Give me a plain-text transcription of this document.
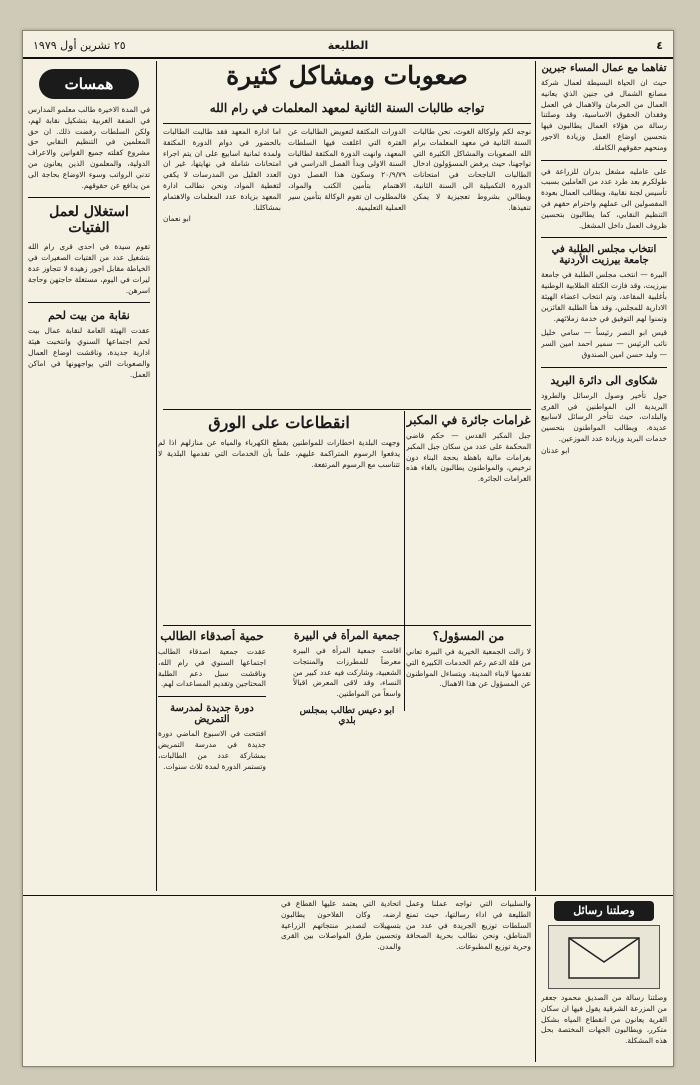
٤
الطليعة
٢٥ تشرين أول ١٩٧٩

تفاهما مع عمال المساء جبرين

حيث ان الحياة البسيطة لعمال شركة مصانع الشمال في جنين الذي يعانيه العمال من الحرمان والاهمال في العمل وفقدان الحقوق الاساسية، وقد وصلتنا رسالة من هؤلاء العمال يطالبون فيها بتحسين اوضاع العمل وزيادة الاجور ومنحهم حقوقهم الكاملة.

على عامليه مشغل بدران للزراعة في طولكرم بعد طرد عدد من العاملين بسبب تأسيس لجنة نقابية، ويطالب العمال بعودة المفصولين الى عملهم واحترام حقهم في التنظيم النقابي، كما يطالبون بتحسين ظروف العمل داخل المشغل.

انتخاب مجلس الطلبة في جامعة بيرزيت الأردنية

البيرة — انتخب مجلس الطلبة في جامعة بيرزيت، وقد فازت الكتلة الطلابية الوطنية بأغلبية المقاعد، وتم انتخاب اعضاء الهيئة الادارية للمجلس، وقد هنأ الطلبة الفائزين وتمنوا لهم التوفيق في خدمة زملائهم.

قيس ابو النصر رئيساً — سامي خليل نائب الرئيس — سمير احمد امين السر — وليد حسن امين الصندوق

شكاوى الى دائرة البريد

حول تأخير وصول الرسائل والطرود البريدية الى المواطنين في القرى والبلدات، حيث تتأخر الرسائل لاسابيع عديدة، ويطالب المواطنون بتحسين خدمات البريد وزيادة عدد الموزعين.

ابو عدنان

صعوبات ومشاكل كثيرة

تواجه طالبات السنة الثانية لمعهد المعلمات في رام الله

نوجه لكم ولوكالة الغوث، نحن طالبات السنة الثانية في معهد المعلمات برام الله الصعوبات والمشاكل الكثيرة التي تواجهنا، حيث يرفض المسؤولون ادخال الطالبات الناجحات في امتحانات الدورة التكميلية الى السنة الثانية، ويطالبن بشروط تعجيزية لا يمكن تنفيذها.

الدورات المكثفة لتعويض الطالبات عن الفترة التي اغلقت فيها السلطات المعهد، وانهت الدورة المكثفة لطالبات السنة الاولى وبدأ الفصل الدراسي في ٢٠/٩/٧٩ وسكون هذا الفصل دون الاهتمام بتأمين الكتب والمواد، فالمطلوب ان تقوم الوكالة بتأمين سير العملية التعليمية.

اما ادارة المعهد فقد طالبت الطالبات بالحضور في دوام الدورة المكثفة ولمدة ثمانية اسابيع على ان يتم اجراء امتحانات شاملة في نهايتها، غير ان العدد القليل من المدرسات لا يكفي لتغطية المواد، ونحن نطالب ادارة المعهد بزيادة عدد المعلمات والاهتمام بمشاكلنا.

ابو نعمان

همسات

في المدة الاخيرة طالب معلمو المدارس في الضفة الغربية بتشكيل نقابة لهم، ولكن السلطات رفضت ذلك. ان حق المعلمين في التنظيم النقابي حق مشروع كفلته جميع القوانين والاعراف الدولية، والمعلمون الذين يعانون من تدني الرواتب وسوء الاوضاع بحاجة الى من يدافع عن حقوقهم.

استغلال لعمل الفتيات

تقوم سيدة في احدى قرى رام الله بتشغيل عدد من الفتيات الصغيرات في الخياطة مقابل اجور زهيدة لا تتجاوز عدة ليرات في اليوم، مستغلة حاجتهن وحاجة اسرهن.

نقابة من بيت لحم

عقدت الهيئة العامة لنقابة عمال بيت لحم اجتماعها السنوي وانتخبت هيئة ادارية جديدة، وناقشت اوضاع العمال والصعوبات التي يواجهونها في اماكن العمل.

غرامات جائرة في المكبر

جبل المكبر القدس — حكم قاضي المحكمة على عدد من سكان جبل المكبر بغرامات مالية باهظة بحجة البناء دون ترخيص، والمواطنون يطالبون بالغاء هذه الغرامات الجائرة.

انقطاعات على الورق

وجهت البلدية اخطارات للمواطنين بقطع الكهرباء والمياه عن منازلهم اذا لم يدفعوا الرسوم المتراكمة عليهم، علماً بأن الخدمات التي تقدمها البلدية لا تتناسب مع الرسوم المرتفعة.

من المسؤول؟

لا زالت الجمعية الخيرية في البيرة تعاني من قلة الدعم رغم الخدمات الكبيرة التي تقدمها لابناء المدينة، ويتساءل المواطنون عن المسؤول عن هذا الاهمال.

جمعية المرأة في البيرة

اقامت جمعية المرأة في البيرة معرضاً للمطرزات والمنتجات الشعبية، وشاركت فيه عدد كبير من النساء، وقد لاقى المعرض اقبالاً واسعاً من المواطنين.

ابو دعيس تطالب بمجلس بلدي

حمية أصدقاء الطالب

عقدت جمعية اصدقاء الطالب اجتماعها السنوي في رام الله، وناقشت سبل دعم الطلبة المحتاجين وتقديم المساعدات لهم.

دورة جديدة لمدرسة التمريض

افتتحت في الاسبوع الماضي دورة جديدة في مدرسة التمريض بمشاركة عدد من الطالبات، وتستمر الدورة لمدة ثلاث سنوات.

وصلتنا رسائل

وصلتنا رسالة من الصديق محمود جعفر من المزرعة الشرقية يقول فيها ان سكان القرية يعانون من انقطاع المياه بشكل متكرر، ويطالبون الجهات المختصة بحل هذه المشكلة.

والسلبيات التي تواجه عملنا وعمل الطليعة في اداء رسالتها، حيث تمنع السلطات توزيع الجريدة في عدد من المناطق، ونحن نطالب بحرية الصحافة وحرية توزيع المطبوعات.

اتحادية التي يعتمد عليها القطاع في ارضه، وكان الفلاحون يطالبون بتسهيلات لتصدير منتجاتهم الزراعية وتحسين طرق المواصلات بين القرى والمدن.
